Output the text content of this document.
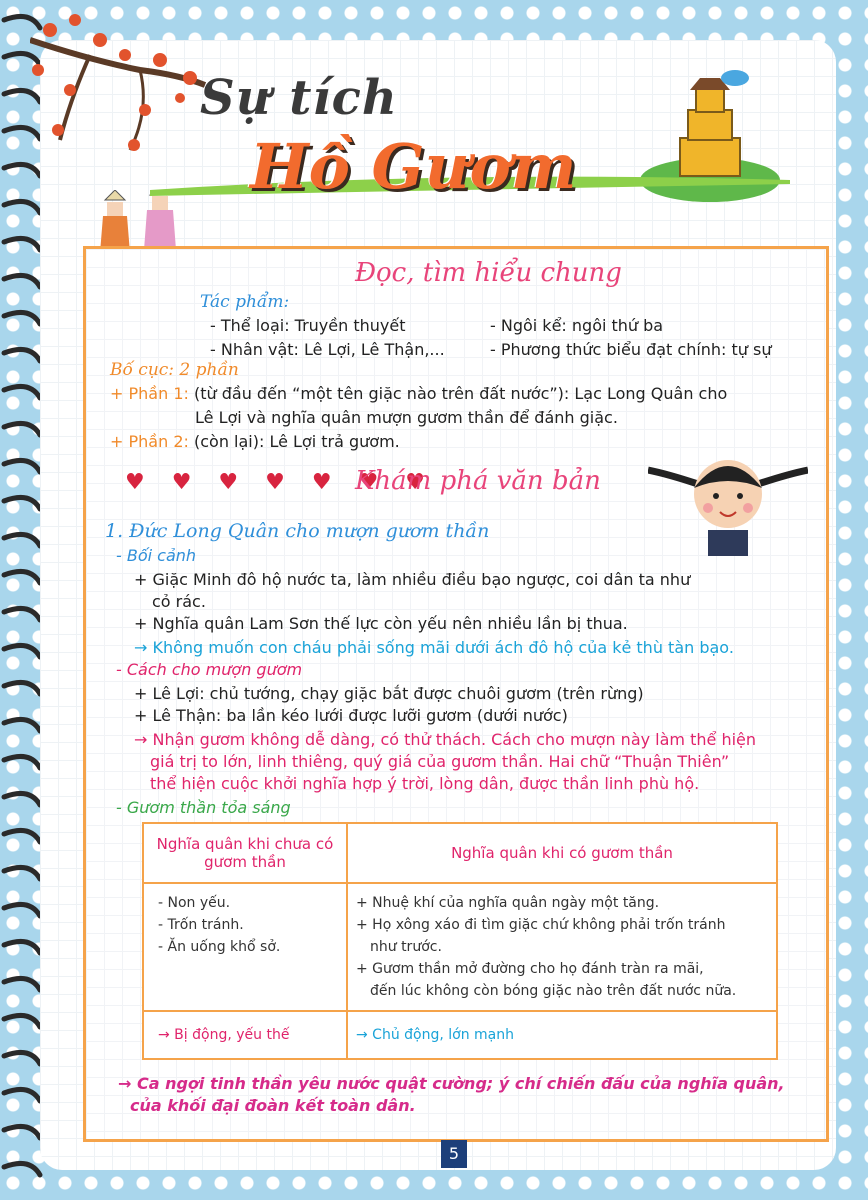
Sự tích
Hồ Gươm
Đọc, tìm hiểu chung
Tác phẩm:
- Thể loại: Truyền thuyết	- Ngôi kể: ngôi thứ ba
- Nhân vật: Lê Lợi, Lê Thận,...	- Phương thức biểu đạt chính: tự sự
Bố cục: 2 phần
+ Phần 1: (từ đầu đến “một tên giặc nào trên đất nước”): Lạc Long Quân cho
Lê Lợi và nghĩa quân mượn gươm thần để đánh giặc.
+ Phần 2: (còn lại): Lê Lợi trả gươm.
♥ ♥ ♥ ♥ ♥ ♥ ♥
Khám phá văn bản
1. Đức Long Quân cho mượn gươm thần
- Bối cảnh
+ Giặc Minh đô hộ nước ta, làm nhiều điều bạo ngược, coi dân ta như
cỏ rác.
+ Nghĩa quân Lam Sơn thế lực còn yếu nên nhiều lần bị thua.
→ Không muốn con cháu phải sống mãi dưới ách đô hộ của kẻ thù tàn bạo.
- Cách cho mượn gươm
+ Lê Lợi: chủ tướng, chạy giặc bắt được chuôi gươm (trên rừng)
+ Lê Thận: ba lần kéo lưới được lưỡi gươm (dưới nước)
→ Nhận gươm không dễ dàng, có thử thách. Cách cho mượn này làm thể hiện
giá trị to lớn, linh thiêng, quý giá của gươm thần. Hai chữ “Thuận Thiên”
thể hiện cuộc khởi nghĩa hợp ý trời, lòng dân, được thần linh phù hộ.
- Gươm thần tỏa sáng
Nghĩa quân khi chưa có gươm thần	Nghĩa quân khi có gươm thần

- Non yếu.
- Trốn tránh.
- Ăn uống khổ sở.	+ Nhuệ khí của nghĩa quân ngày một tăng.
+ Họ xông xáo đi tìm giặc chứ không phải trốn tránh
như trước.
+ Gươm thần mở đường cho họ đánh tràn ra mãi,
đến lúc không còn bóng giặc nào trên đất nước nữa.

→ Bị động, yếu thế	→ Chủ động, lớn mạnh
→ Ca ngợi tinh thần yêu nước quật cường; ý chí chiến đấu của nghĩa quân,
của khối đại đoàn kết toàn dân.
5
